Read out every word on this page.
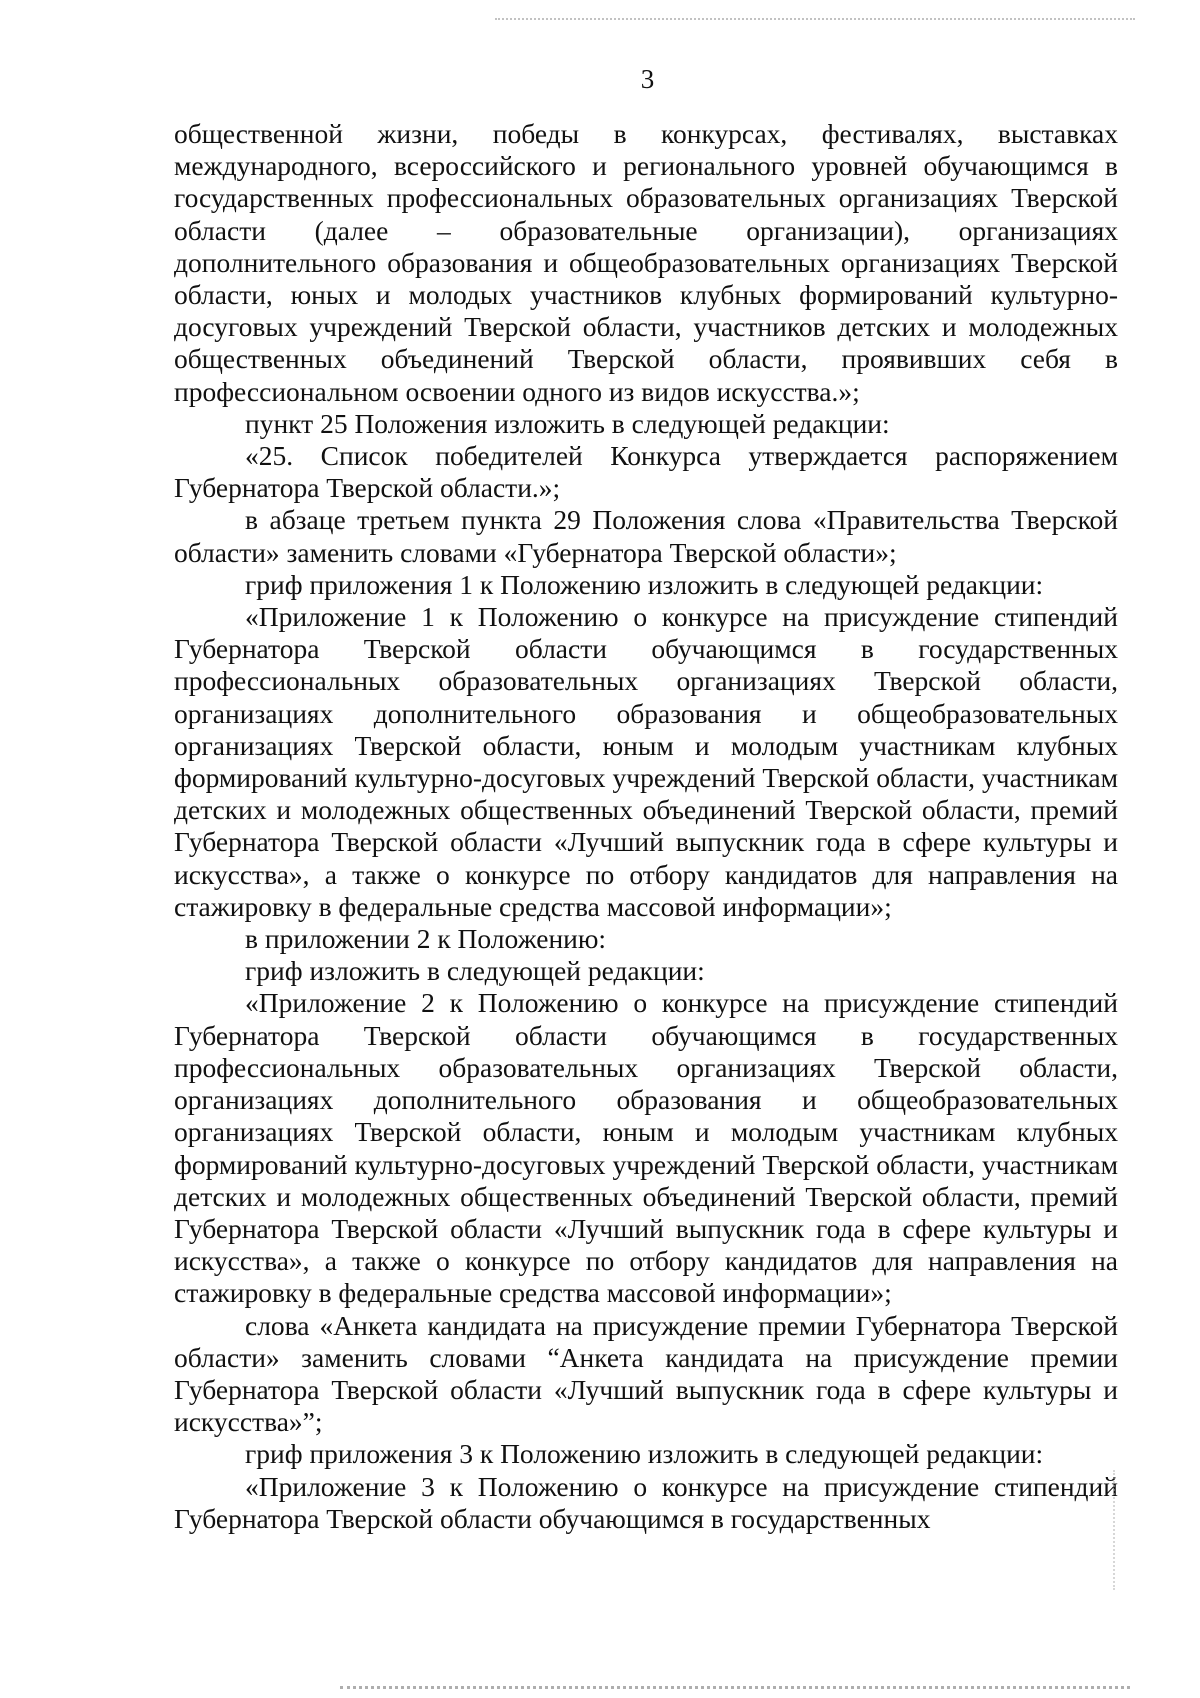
3

общественной жизни, победы в конкурсах, фестивалях, выставках международного, всероссийского и регионального уровней обучающимся в государственных профессиональных образовательных организациях Тверской области (далее – образовательные организации), организациях дополнительного образования и общеобразовательных организациях Тверской области, юных и молодых участников клубных формирований культурно-досуговых учреждений Тверской области, участников детских и молодежных общественных объединений Тверской области, проявивших себя в профессиональном освоении одного из видов искусства.»;

пункт 25 Положения изложить в следующей редакции:

«25. Список победителей Конкурса утверждается распоряжением Губернатора Тверской области.»;

в абзаце третьем пункта 29 Положения слова «Правительства Тверской области» заменить словами «Губернатора Тверской области»;

гриф приложения 1 к Положению изложить в следующей редакции:

«Приложение 1 к Положению о конкурсе на присуждение стипендий Губернатора Тверской области обучающимся в государственных профессиональных образовательных организациях Тверской области, организациях дополнительного образования и общеобразовательных организациях Тверской области, юным и молодым участникам клубных формирований культурно-досуговых учреждений Тверской области, участникам детских и молодежных общественных объединений Тверской области, премий Губернатора Тверской области «Лучший выпускник года в сфере культуры и искусства», а также о конкурсе по отбору кандидатов для направления на стажировку в федеральные средства массовой информации»;

в приложении 2 к Положению:

гриф изложить в следующей редакции:

«Приложение 2 к Положению о конкурсе на присуждение стипендий Губернатора Тверской области обучающимся в государственных профессиональных образовательных организациях Тверской области, организациях дополнительного образования и общеобразовательных организациях Тверской области, юным и молодым участникам клубных формирований культурно-досуговых учреждений Тверской области, участникам детских и молодежных общественных объединений Тверской области, премий Губернатора Тверской области «Лучший выпускник года в сфере культуры и искусства», а также о конкурсе по отбору кандидатов для направления на стажировку в федеральные средства массовой информации»;

слова «Анкета кандидата на присуждение премии Губернатора Тверской области» заменить словами “Анкета кандидата на присуждение премии Губернатора Тверской области «Лучший выпускник года в сфере культуры и искусства»”;

гриф приложения 3 к Положению изложить в следующей редакции:

«Приложение 3 к Положению о конкурсе на присуждение стипендий Губернатора Тверской области обучающимся в государственных
